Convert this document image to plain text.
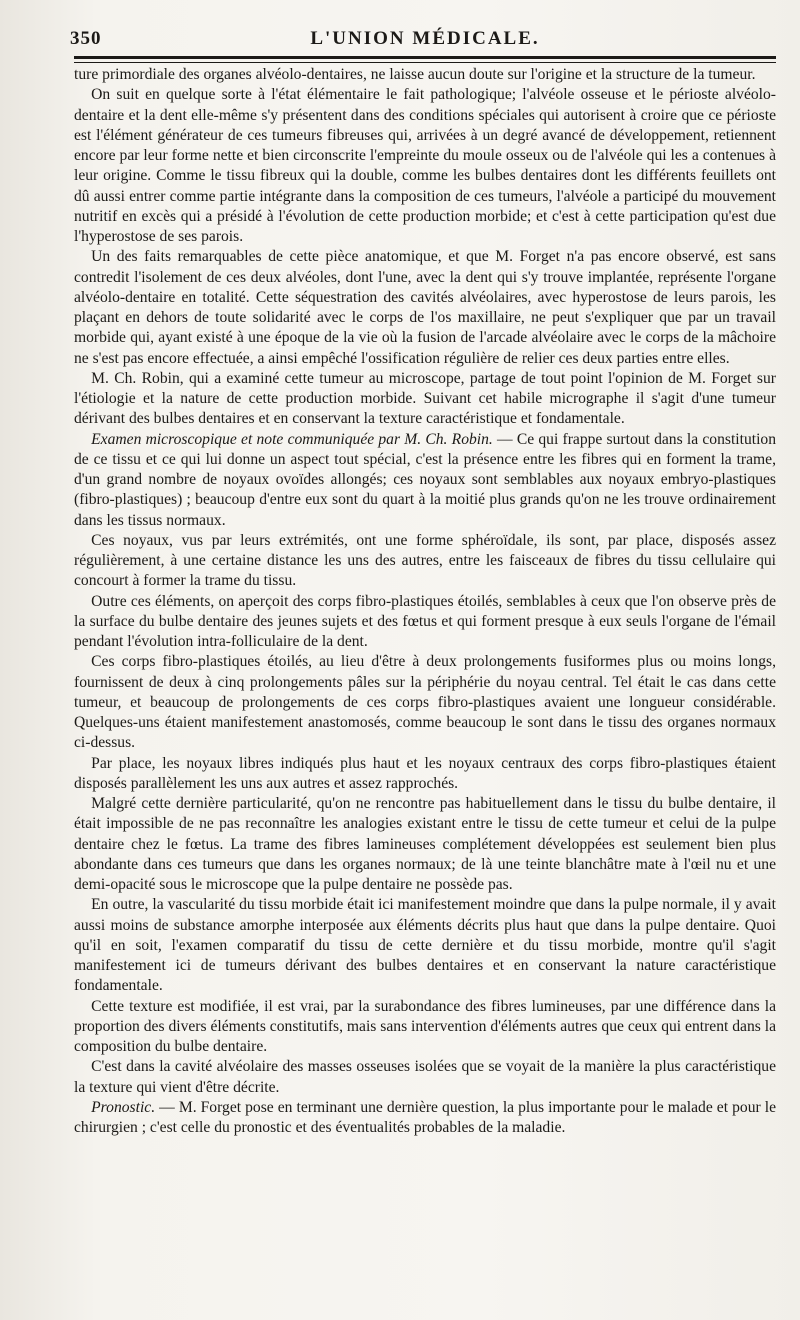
350	L'UNION MÉDICALE.

ture primordiale des organes alvéolo-dentaires, ne laisse aucun doute sur l'origine et la structure de la tumeur.

On suit en quelque sorte à l'état élémentaire le fait pathologique; l'alvéole osseuse et le périoste alvéolo-dentaire et la dent elle-même s'y présentent dans des conditions spéciales qui autorisent à croire que ce périoste est l'élément générateur de ces tumeurs fibreuses qui, arrivées à un degré avancé de développement, retiennent encore par leur forme nette et bien circonscrite l'empreinte du moule osseux ou de l'alvéole qui les a contenues à leur origine. Comme le tissu fibreux qui la double, comme les bulbes dentaires dont les différents feuillets ont dû aussi entrer comme partie intégrante dans la composition de ces tumeurs, l'alvéole a participé du mouvement nutritif en excès qui a présidé à l'évolution de cette production morbide; et c'est à cette participation qu'est due l'hyperostose de ses parois.

Un des faits remarquables de cette pièce anatomique, et que M. Forget n'a pas encore observé, est sans contredit l'isolement de ces deux alvéoles, dont l'une, avec la dent qui s'y trouve implantée, représente l'organe alvéolo-dentaire en totalité. Cette séquestration des cavités alvéolaires, avec hyperostose de leurs parois, les plaçant en dehors de toute solidarité avec le corps de l'os maxillaire, ne peut s'expliquer que par un travail morbide qui, ayant existé à une époque de la vie où la fusion de l'arcade alvéolaire avec le corps de la mâchoire ne s'est pas encore effectuée, a ainsi empêché l'ossification régulière de relier ces deux parties entre elles.

M. Ch. Robin, qui a examiné cette tumeur au microscope, partage de tout point l'opinion de M. Forget sur l'étiologie et la nature de cette production morbide. Suivant cet habile micrographe il s'agit d'une tumeur dérivant des bulbes dentaires et en conservant la texture caractéristique et fondamentale.

Examen microscopique et note communiquée par M. Ch. Robin. — Ce qui frappe surtout dans la constitution de ce tissu et ce qui lui donne un aspect tout spécial, c'est la présence entre les fibres qui en forment la trame, d'un grand nombre de noyaux ovoïdes allongés; ces noyaux sont semblables aux noyaux embryo-plastiques (fibro-plastiques) ; beaucoup d'entre eux sont du quart à la moitié plus grands qu'on ne les trouve ordinairement dans les tissus normaux.

Ces noyaux, vus par leurs extrémités, ont une forme sphéroïdale, ils sont, par place, disposés assez régulièrement, à une certaine distance les uns des autres, entre les faisceaux de fibres du tissu cellulaire qui concourt à former la trame du tissu.

Outre ces éléments, on aperçoit des corps fibro-plastiques étoilés, semblables à ceux que l'on observe près de la surface du bulbe dentaire des jeunes sujets et des fœtus et qui forment presque à eux seuls l'organe de l'émail pendant l'évolution intra-folliculaire de la dent.

Ces corps fibro-plastiques étoilés, au lieu d'être à deux prolongements fusiformes plus ou moins longs, fournissent de deux à cinq prolongements pâles sur la périphérie du noyau central. Tel était le cas dans cette tumeur, et beaucoup de prolongements de ces corps fibro-plastiques avaient une longueur considérable. Quelques-uns étaient manifestement anastomosés, comme beaucoup le sont dans le tissu des organes normaux ci-dessus.

Par place, les noyaux libres indiqués plus haut et les noyaux centraux des corps fibro-plastiques étaient disposés parallèlement les uns aux autres et assez rapprochés.

Malgré cette dernière particularité, qu'on ne rencontre pas habituellement dans le tissu du bulbe dentaire, il était impossible de ne pas reconnaître les analogies existant entre le tissu de cette tumeur et celui de la pulpe dentaire chez le fœtus. La trame des fibres lamineuses complétement développées est seulement bien plus abondante dans ces tumeurs que dans les organes normaux; de là une teinte blanchâtre mate à l'œil nu et une demi-opacité sous le microscope que la pulpe dentaire ne possède pas.

En outre, la vascularité du tissu morbide était ici manifestement moindre que dans la pulpe normale, il y avait aussi moins de substance amorphe interposée aux éléments décrits plus haut que dans la pulpe dentaire. Quoi qu'il en soit, l'examen comparatif du tissu de cette dernière et du tissu morbide, montre qu'il s'agit manifestement ici de tumeurs dérivant des bulbes dentaires et en conservant la nature caractéristique fondamentale.

Cette texture est modifiée, il est vrai, par la surabondance des fibres lumineuses, par une différence dans la proportion des divers éléments constitutifs, mais sans intervention d'éléments autres que ceux qui entrent dans la composition du bulbe dentaire.

C'est dans la cavité alvéolaire des masses osseuses isolées que se voyait de la manière la plus caractéristique la texture qui vient d'être décrite.

Pronostic. — M. Forget pose en terminant une dernière question, la plus importante pour le malade et pour le chirurgien ; c'est celle du pronostic et des éventualités probables de la maladie.
